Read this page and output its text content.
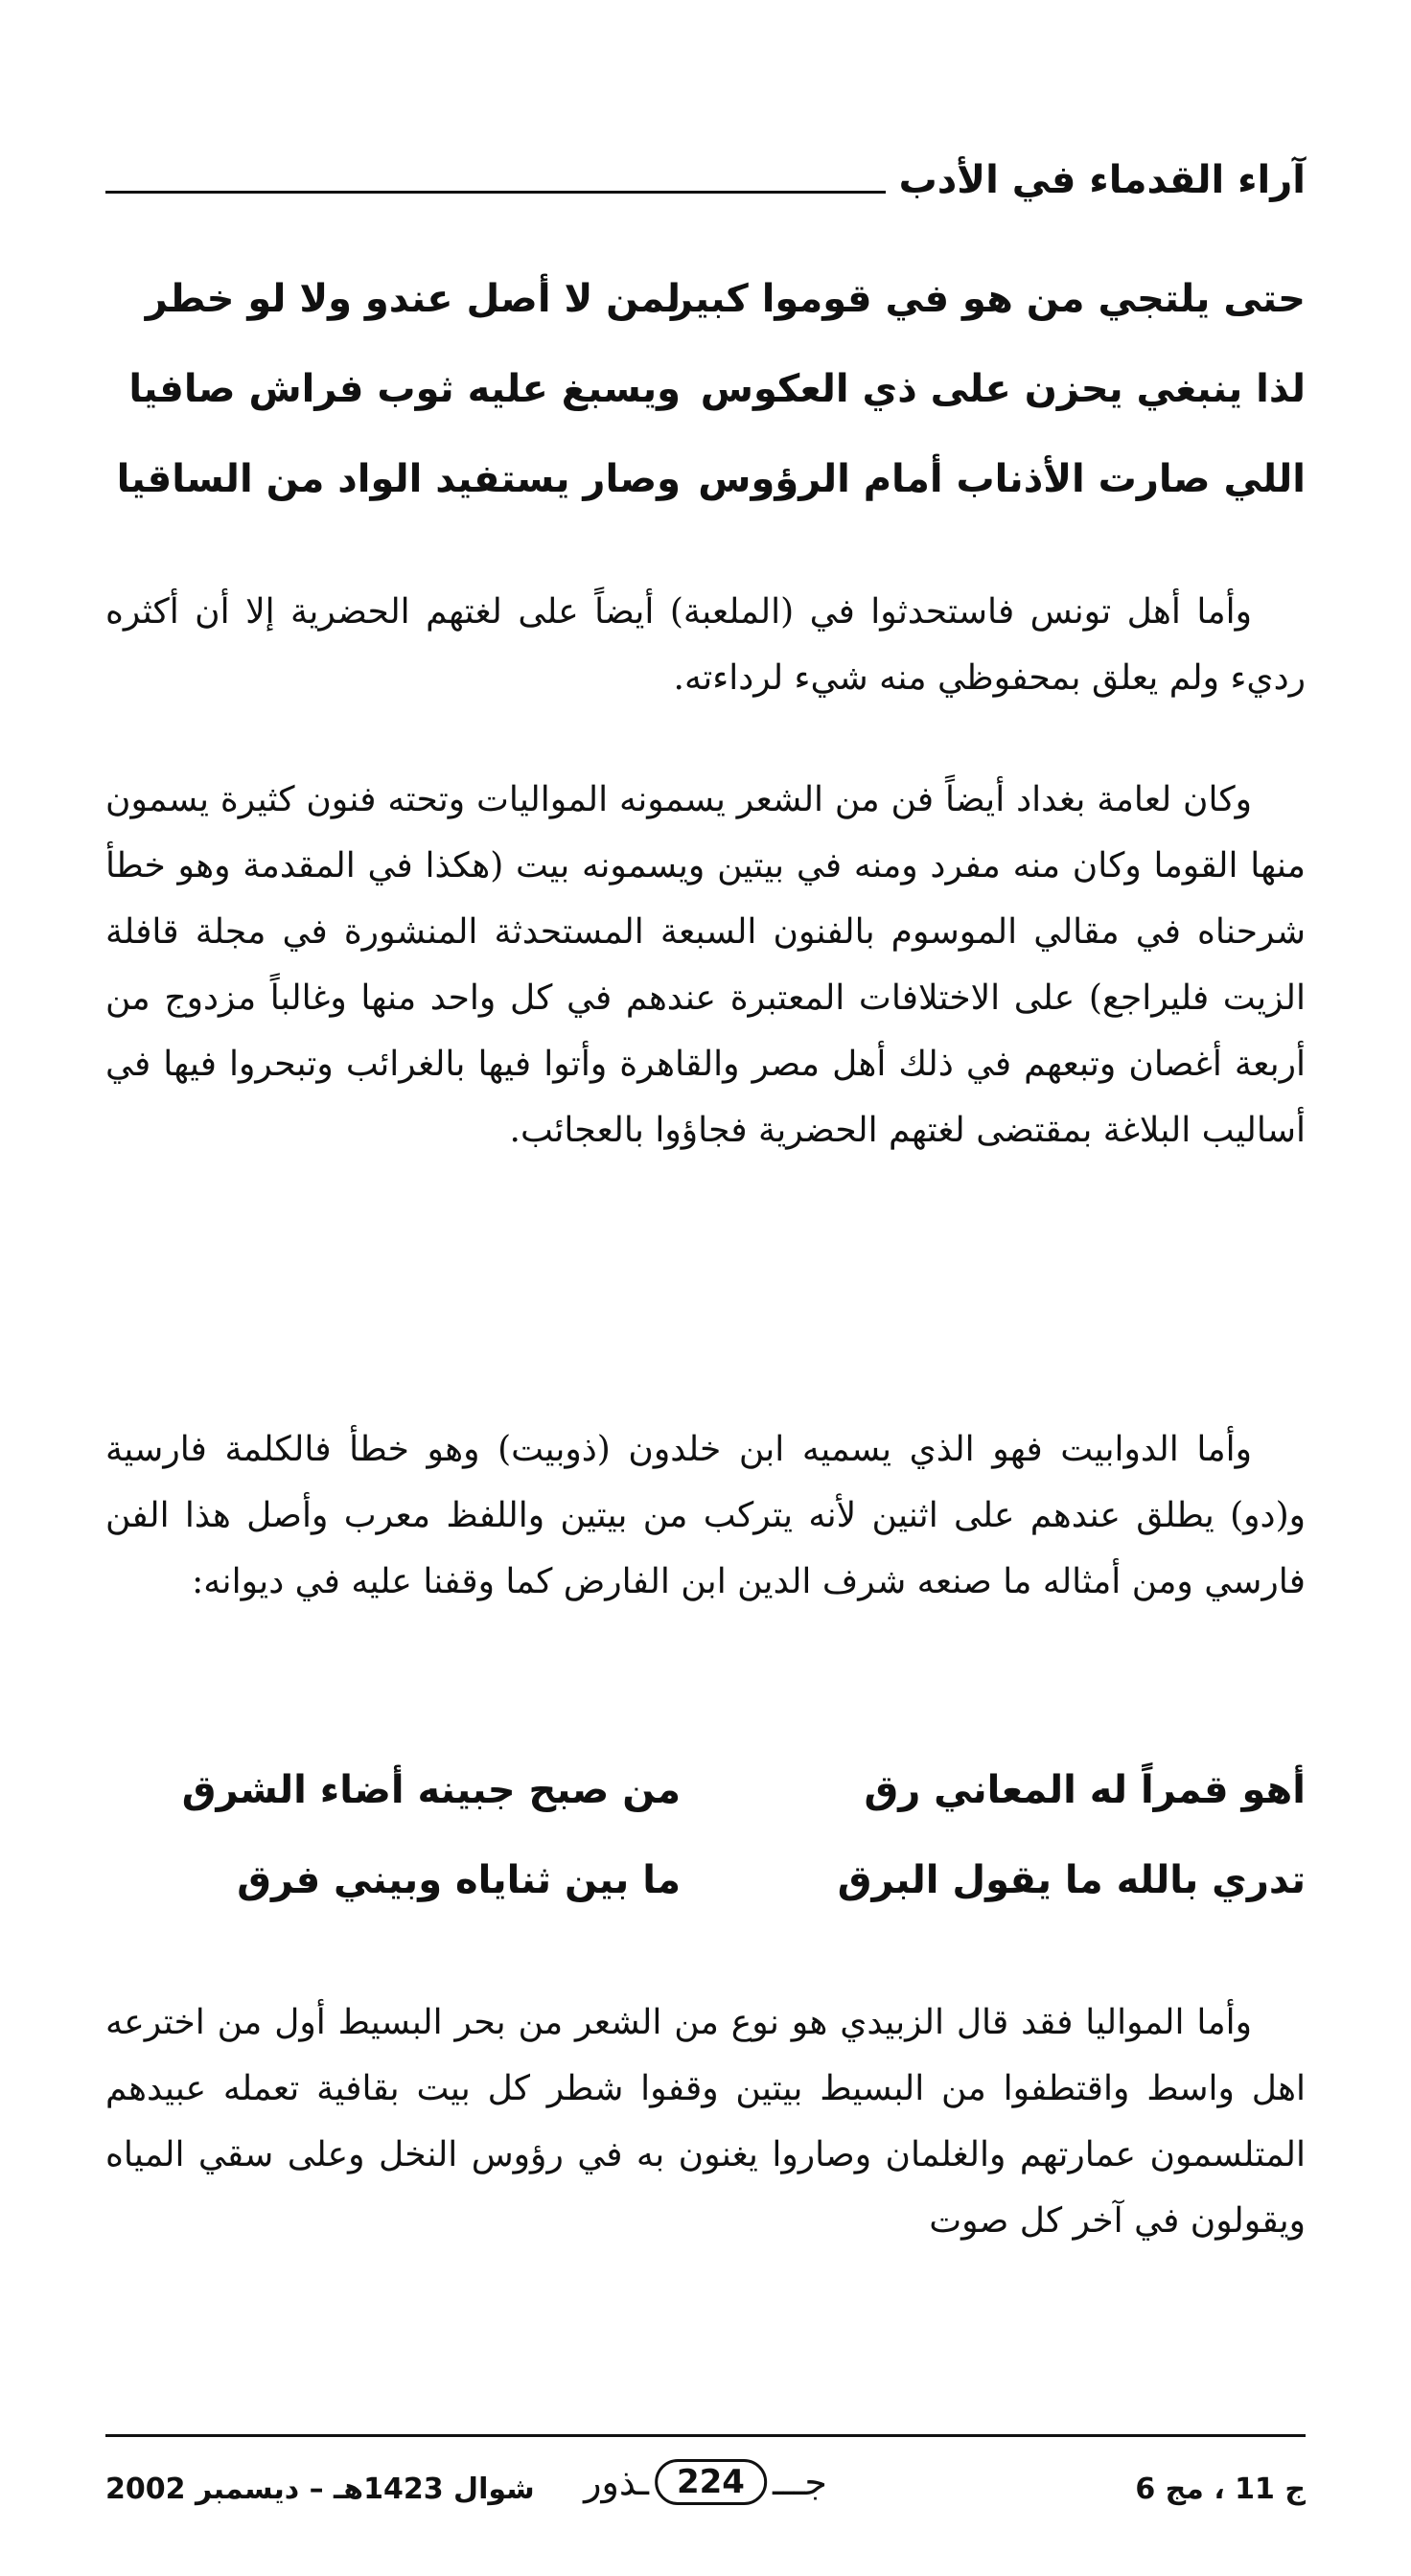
آراء القدماء في الأدب
حتى يلتجي من هو في قوموا كبير
لمن لا أصل عندو ولا لو خطر
لذا ينبغي يحزن على ذي العكوس
ويسبغ عليه ثوب فراش صافيا
اللي صارت الأذناب أمام الرؤوس
وصار يستفيد الواد من الساقيا

وأما أهل تونس فاستحدثوا في (الملعبة) أيضاً على لغتهم الحضرية إلا أن أكثره رديء ولم يعلق بمحفوظي منه شيء لرداءته.

وكان لعامة بغداد أيضاً فن من الشعر يسمونه المواليات وتحته فنون كثيرة يسمون منها القوما وكان منه مفرد ومنه في بيتين ويسمونه بيت (هكذا في المقدمة وهو خطأ شرحناه في مقالي الموسوم بالفنون السبعة المستحدثة المنشورة في مجلة قافلة الزيت فليراجع) على الاختلافات المعتبرة عندهم في كل واحد منها وغالباً مزدوج من أربعة أغصان وتبعهم في ذلك أهل مصر والقاهرة وأتوا فيها بالغرائب وتبحروا فيها في أساليب البلاغة بمقتضى لغتهم الحضرية فجاؤوا بالعجائب.

وأما الدوابيت فهو الذي يسميه ابن خلدون (ذوبيت) وهو خطأ فالكلمة فارسية و(دو) يطلق عندهم على اثنين لأنه يتركب من بيتين واللفظ معرب وأصل هذا الفن فارسي ومن أمثاله ما صنعه شرف الدين ابن الفارض كما وقفنا عليه في ديوانه:

أهو قمراً له المعاني رق
من صبح جبينه أضاء الشرق
تدري بالله ما يقول البرق
ما بين ثناياه وبيني فرق

وأما المواليا فقد قال الزبيدي هو نوع من الشعر من بحر البسيط أول من اخترعه اهل واسط واقتطفوا من البسيط بيتين وقفوا شطر كل بيت بقافية تعمله عبيدهم المتلسمون عمارتهم والغلمان وصاروا يغنون به في رؤوس النخل وعلى سقي المياه ويقولون في آخر كل صوت

ج 11 ، مج 6
جـــ
224
ـذور
شوال 1423هـ – ديسمبر 2002
